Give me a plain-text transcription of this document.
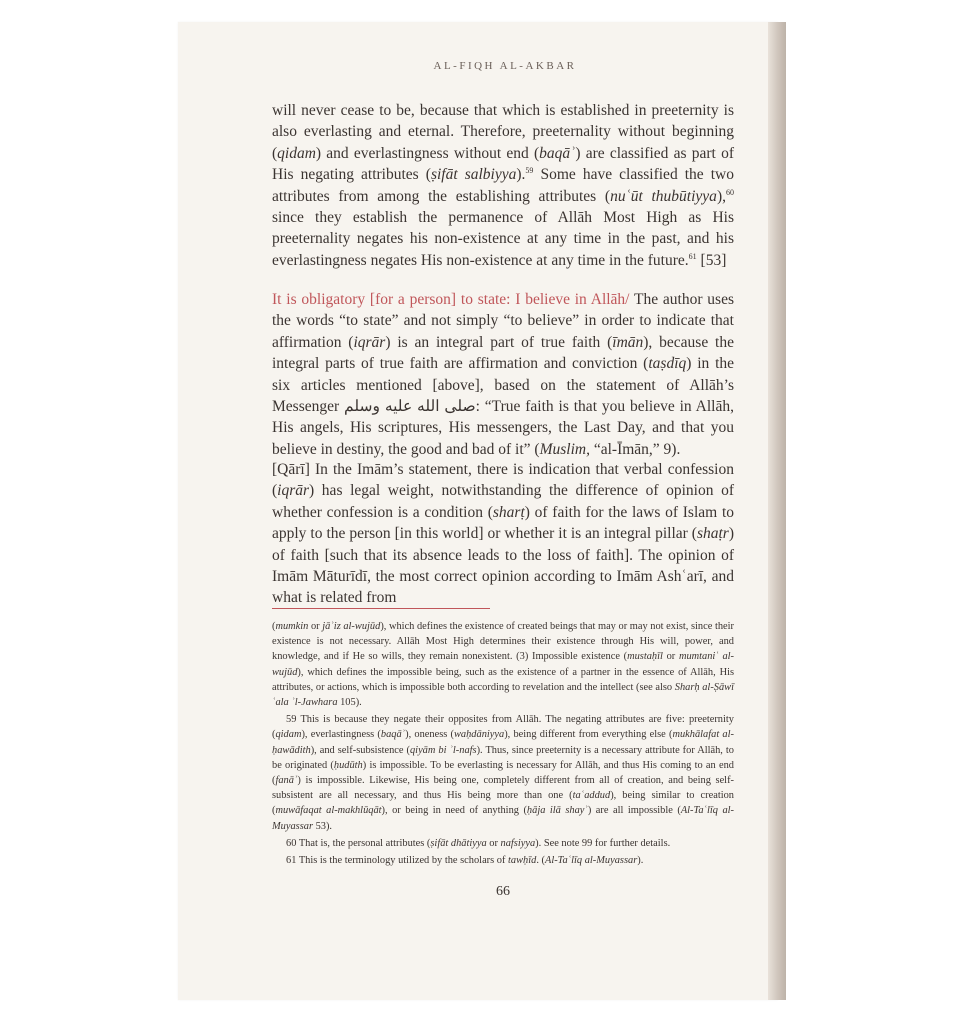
AL-FIQH AL-AKBAR
will never cease to be, because that which is established in preeternity is also everlasting and eternal. Therefore, preeternality without beginning (qidam) and everlastingness without end (baqāʾ) are classified as part of His negating attributes (ṣifāt salbiyya).$^{59}$ Some have classified the two attributes from among the establishing attributes (nuʿūt thubūtiyya),$^{60}$ since they establish the permanence of Allāh Most High as His preeternality negates his non-existence at any time in the past, and his everlastingness negates His non-existence at any time in the future.$^{61}$ [53]
It is obligatory [for a person] to state: I believe in Allāh/ The author uses the words “to state” and not simply “to believe” in order to indicate that affirmation (iqrār) is an integral part of true faith (īmān), because the integral parts of true faith are affirmation and conviction (taṣdīq) in the six articles mentioned [above], based on the statement of Allāh’s Messenger صلى الله عليه وسلم: “True faith is that you believe in Allāh, His angels, His scriptures, His messengers, the Last Day, and that you believe in destiny, the good and bad of it” (Muslim, “al-Īmān,” 9).
[Qārī] In the Imām’s statement, there is indication that verbal confession (iqrār) has legal weight, notwithstanding the difference of opinion of whether confession is a condition (sharṭ) of faith for the laws of Islam to apply to the person [in this world] or whether it is an integral pillar (shaṭr) of faith [such that its absence leads to the loss of faith]. The opinion of Imām Māturīdī, the most correct opinion according to Imām Ashʿarī, and what is related from

(mumkin or jāʾiz al-wujūd), which defines the existence of created beings that may or may not exist, since their existence is not necessary. Allāh Most High determines their existence through His will, power, and knowledge, and if He so wills, they remain nonexistent. (3) Impossible existence (mustaḥīl or mumtaniʿ al-wujūd), which defines the impossible being, such as the existence of a partner in the essence of Allāh, His attributes, or actions, which is impossible both according to revelation and the intellect (see also Sharḥ al-Ṣāwī ʿala ʾl-Jawhara 105).

59 This is because they negate their opposites from Allāh. The negating attributes are five: preeternity (qidam), everlastingness (baqāʾ), oneness (waḥdāniyya), being different from everything else (mukhālafat al-ḥawādith), and self-subsistence (qiyām bi ʾl-nafs). Thus, since preeternity is a necessary attribute for Allāh, to be originated (ḥudūth) is impossible. To be everlasting is necessary for Allāh, and thus His coming to an end (fanāʾ) is impossible. Likewise, His being one, completely different from all of creation, and being self-subsistent are all necessary, and thus His being more than one (taʿaddud), being similar to creation (muwāfaqat al-makhlūqāt), or being in need of anything (ḥāja ilā shayʾ) are all impossible (Al-Taʿlīq al-Muyassar 53).

60 That is, the personal attributes (ṣifāt dhātiyya or nafsiyya). See note 99 for further details.

61 This is the terminology utilized by the scholars of tawḥīd. (Al-Taʿlīq al-Muyassar).

66
